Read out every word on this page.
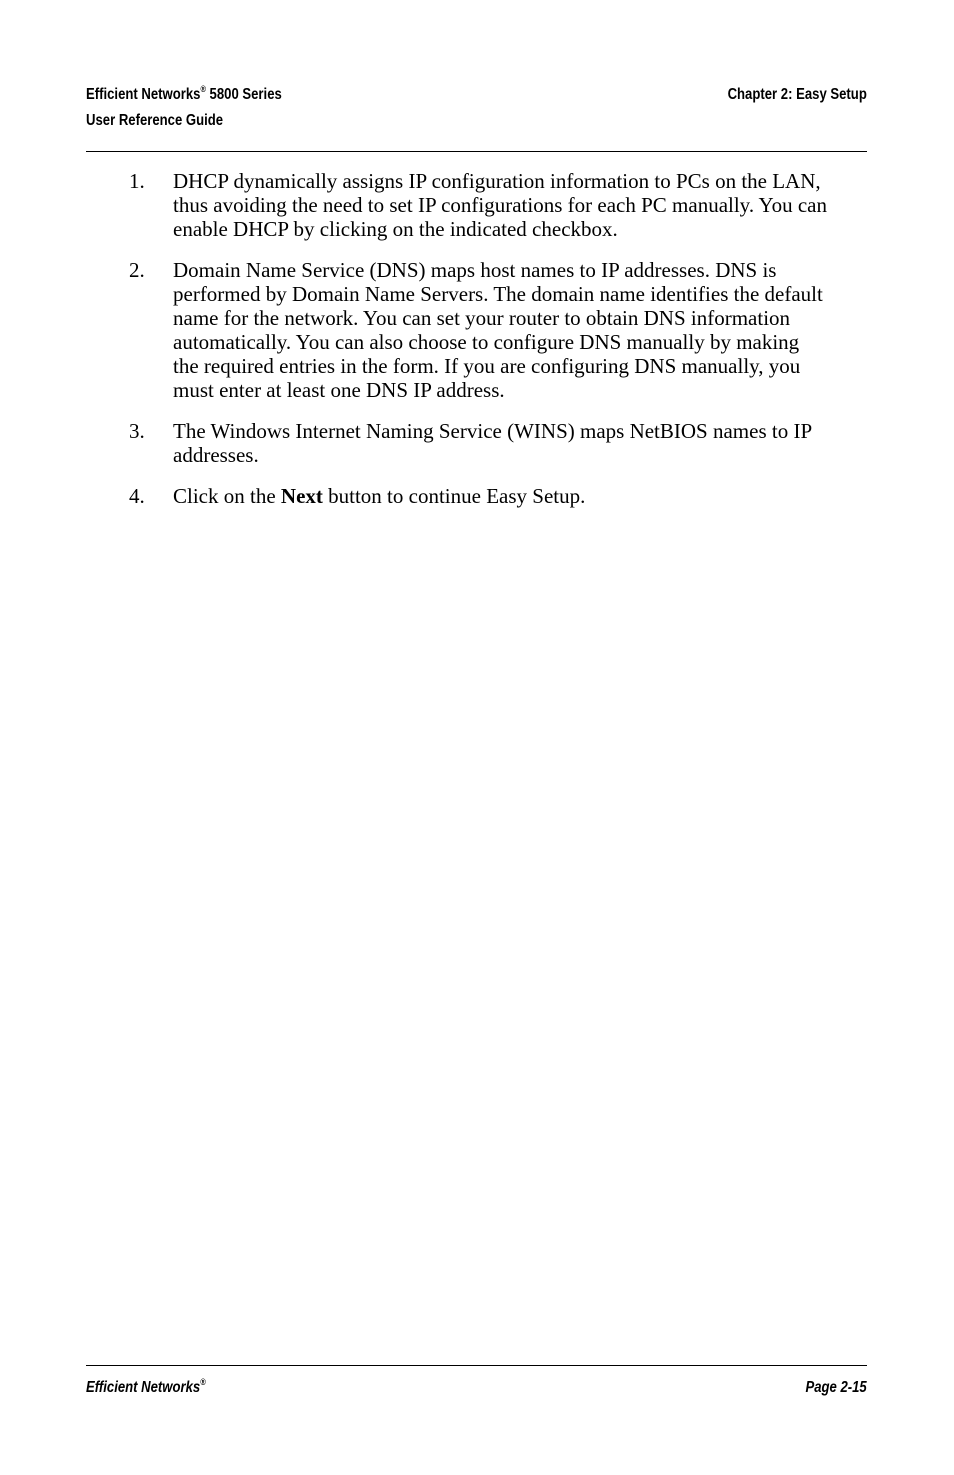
Efficient Networks® 5800 Series
User Reference Guide
Chapter 2: Easy Setup
1. DHCP dynamically assigns IP configuration information to PCs on the LAN, thus avoiding the need to set IP configurations for each PC manually. You can enable DHCP by clicking on the indicated checkbox.
2. Domain Name Service (DNS) maps host names to IP addresses. DNS is performed by Domain Name Servers. The domain name identifies the default name for the network. You can set your router to obtain DNS information automatically. You can also choose to configure DNS manually by making the required entries in the form. If you are configuring DNS manually, you must enter at least one DNS IP address.
3. The Windows Internet Naming Service (WINS) maps NetBIOS names to IP addresses.
4. Click on the Next button to continue Easy Setup.
Efficient Networks®	Page 2-15
